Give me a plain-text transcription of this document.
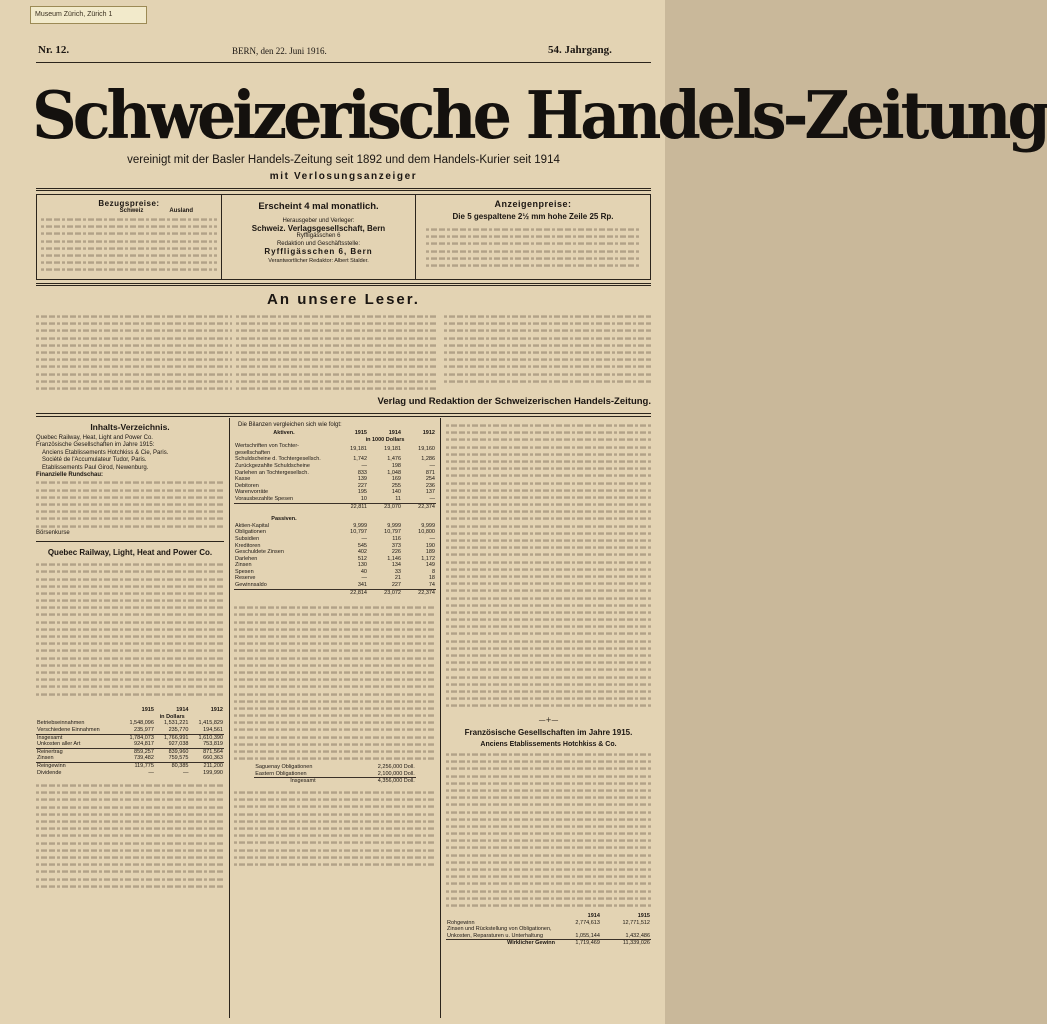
Museum Zürich, Zürich 1
Nr. 12.	BERN, den 22. Juni 1916.	54. Jahrgang.
Schweizerische Handels-Zeitung
vereinigt mit der Basler Handels-Zeitung seit 1892 und dem Handels-Kurier seit 1914
mit Verlosungsanzeiger
Bezugspreise:
Schweiz	Ausland	Erscheint 4 mal monatlich.
Herausgeber und Verleger:
Schweiz. Verlagsgesellschaft, Bern
Ryffligässchen 6
Redaktion und Geschäftsstelle:
Ryffligässchen 6, Bern
Verantwortlicher Redaktor: Albert Stalder.
Anzeigenpreise:
Die 5 gespaltene 2½ mm hohe Zeile 25 Rp.
An unsere Leser.
Verlag und Redaktion der Schweizerischen Handels-Zeitung.
Inhalts-Verzeichnis.
Quebec Railway, Heat, Light and Power Co.
Französische Gesellschaften im Jahre 1915:
Anciens Etablissements Hotchkiss & Cie, Paris.
Société de l'Accumulateur Tudor, Paris.
Etablissements Paul Girod, Newenburg.
Finanzielle Rundschau:
Börsenkurse
Quebec Railway, Light, Heat and Power Co.
	1915	1914	1912
	in Dollars		
Betriebseinnahmen	1,548,096	1,531,221	1,415,829
Verschiedene Einnahmen	235,977	235,770	194,561
Insgesamt	1,784,073	1,766,991	1,610,390
Unkosten aller Art	924,817	927,038	753,819
Reinertrag	859,257	839,960	871,564
Zinsen	739,482	759,575	660,363
Reingewinn	119,775	80,385	211,200
Dividende	—	—	199,990
Die Bilanzen vergleichen sich wie folgt:
Aktiven.	1915	1914	1912
	in 1000 Dollars		
Wertschriften von Tochter-gesellschaften	19,181	19,181	19,160
Schuldscheine d. Tochtergesellsch.	1,742	1,476	1,286
Zurückgezahlte Schuldscheine	—	198	—
Darlehen an Tochtergesellsch.	833	1,048	871
Kasse	139	169	254
Debitoren	227	255	236
Warenvorräte	195	140	137
Vorausbezahlte Spesen	10	11	—
	22,811	23,070	22,374
Passiven.			
Aktien-Kapital	9,999	9,999	9,999
Obligationen	10,797	10,797	10,800
Subsidien	—	116	—
Kreditoren	545	373	190
Geschuldete Zinsen	402	226	189
Darlehen	512	1,146	1,172
Zinsen	130	134	149
Spesen	40	33	8
Reserve	—	21	18
Gewinnsaldo	341	227	74
	22,814	23,072	22,374
Saguenay Obligationen	2,256,000 Doll.
Eastern Obligationen	2,100,000 Doll.
Insgesamt	4,356,000 Doll.
—+—
Französische Gesellschaften im Jahre 1915.
Anciens Etablissements Hotchkiss & Co.
	1914	1915
Rohgewinn	2,774,613	12,771,512
Zinsen und Rückstellung von Obligationen, Unkosten, Reparaturen u. Unterhaltung	1,055,144	1,432,486
Wirklicher Gewinn	1,719,469	11,339,026
